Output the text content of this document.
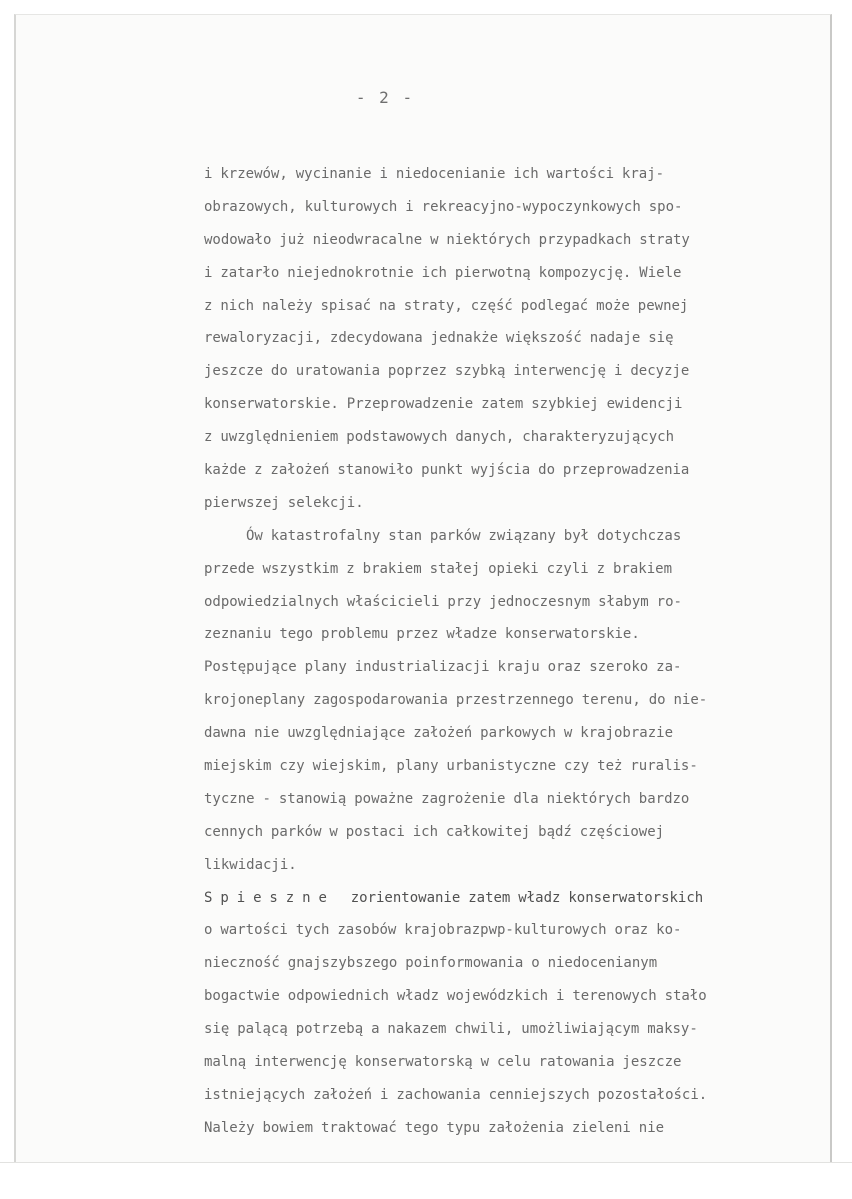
- 2 -
i krzewów, wycinanie i niedocenianie ich wartości kraj-
obrazowych, kulturowych i rekreacyjno-wypoczynkowych spo-
wodowało już nieodwracalne w niektórych przypadkach straty
i zatarło niejednokrotnie ich pierwotną kompozycję. Wiele
z nich należy spisać na straty, część podlegać może pewnej
rewaloryzacji, zdecydowana jednakże większość nadaje się
jeszcze do uratowania poprzez szybką interwencję i decyzje
konserwatorskie. Przeprowadzenie zatem szybkiej ewidencji
z uwzględnieniem podstawowych danych, charakteryzujących
każde z założeń stanowiło punkt wyjścia do przeprowadzenia
pierwszej selekcji.
Ów katastrofalny stan parków związany był dotychczas
przede wszystkim z brakiem stałej opieki czyli z brakiem
odpowiedzialnych właścicieli przy jednoczesnym słabym ro-
zeznaniu tego problemu przez władze konserwatorskie.
Postępujące plany industrializacji kraju oraz szeroko za-
krojoneplany zagospodarowania przestrzennego terenu, do nie-
dawna nie uwzględniające założeń parkowych w krajobrazie
miejskim czy wiejskim, plany urbanistyczne czy też ruralis-
tyczne - stanowią poważne zagrożenie dla niektórych bardzo
cennych parków w postaci ich całkowitej bądź częściowej
likwidacji.
S p i e s z n e   zorientowanie zatem władz konserwatorskich
o wartości tych zasobów krajobrazpwp-kulturowych oraz ko-
nieczność gnajszybszego poinformowania o niedocenianym
bogactwie odpowiednich władz wojewódzkich i terenowych stało
się palącą potrzebą a nakazem chwili, umożliwiającym maksy-
malną interwencję konserwatorską w celu ratowania jeszcze
istniejących założeń i zachowania cenniejszych pozostałości.
Należy bowiem traktować tego typu założenia zieleni nie
